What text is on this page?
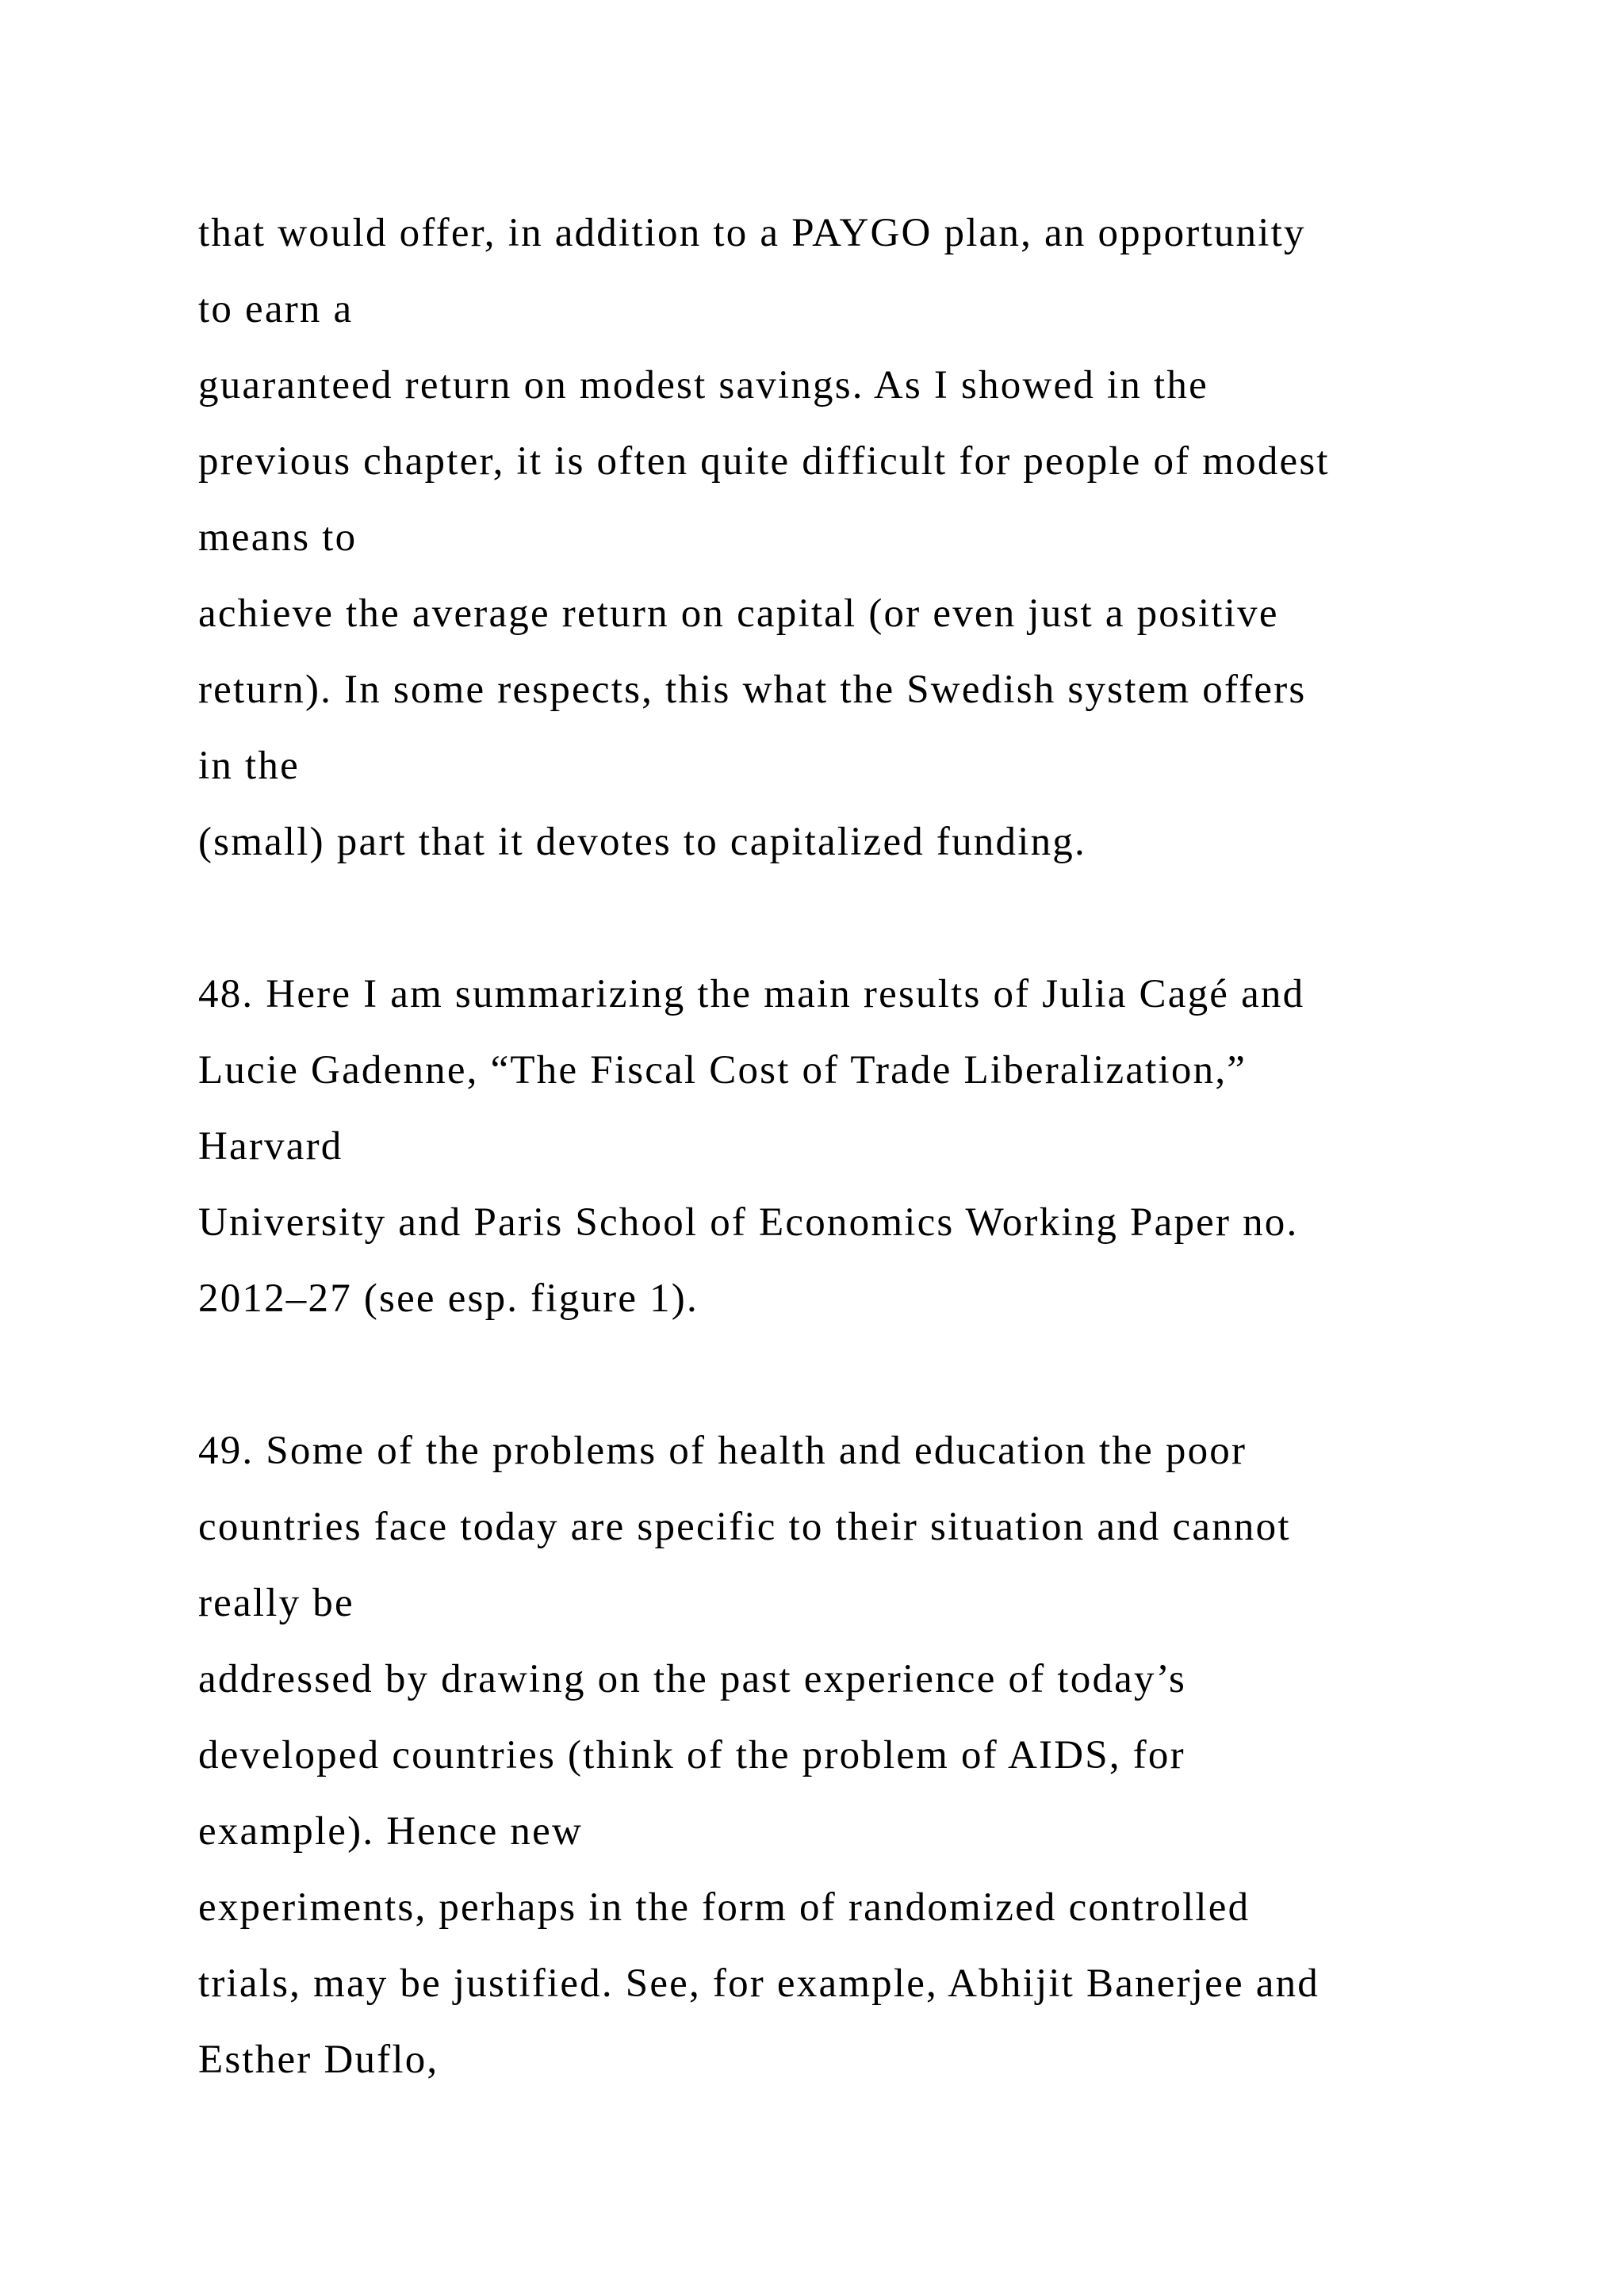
that would offer, in addition to a PAYGO plan, an opportunity
to earn a
guaranteed return on modest savings. As I showed in the
previous chapter, it is often quite difficult for people of modest
means to
achieve the average return on capital (or even just a positive
return). In some respects, this what the Swedish system offers
in the
(small) part that it devotes to capitalized funding.

48. Here I am summarizing the main results of Julia Cagé and
Lucie Gadenne, “The Fiscal Cost of Trade Liberalization,”
Harvard
University and Paris School of Economics Working Paper no.
2012–27 (see esp. figure 1).

49. Some of the problems of health and education the poor
countries face today are specific to their situation and cannot
really be
addressed by drawing on the past experience of today’s
developed countries (think of the problem of AIDS, for
example). Hence new
experiments, perhaps in the form of randomized controlled
trials, may be justified. See, for example, Abhijit Banerjee and
Esther Duflo,
